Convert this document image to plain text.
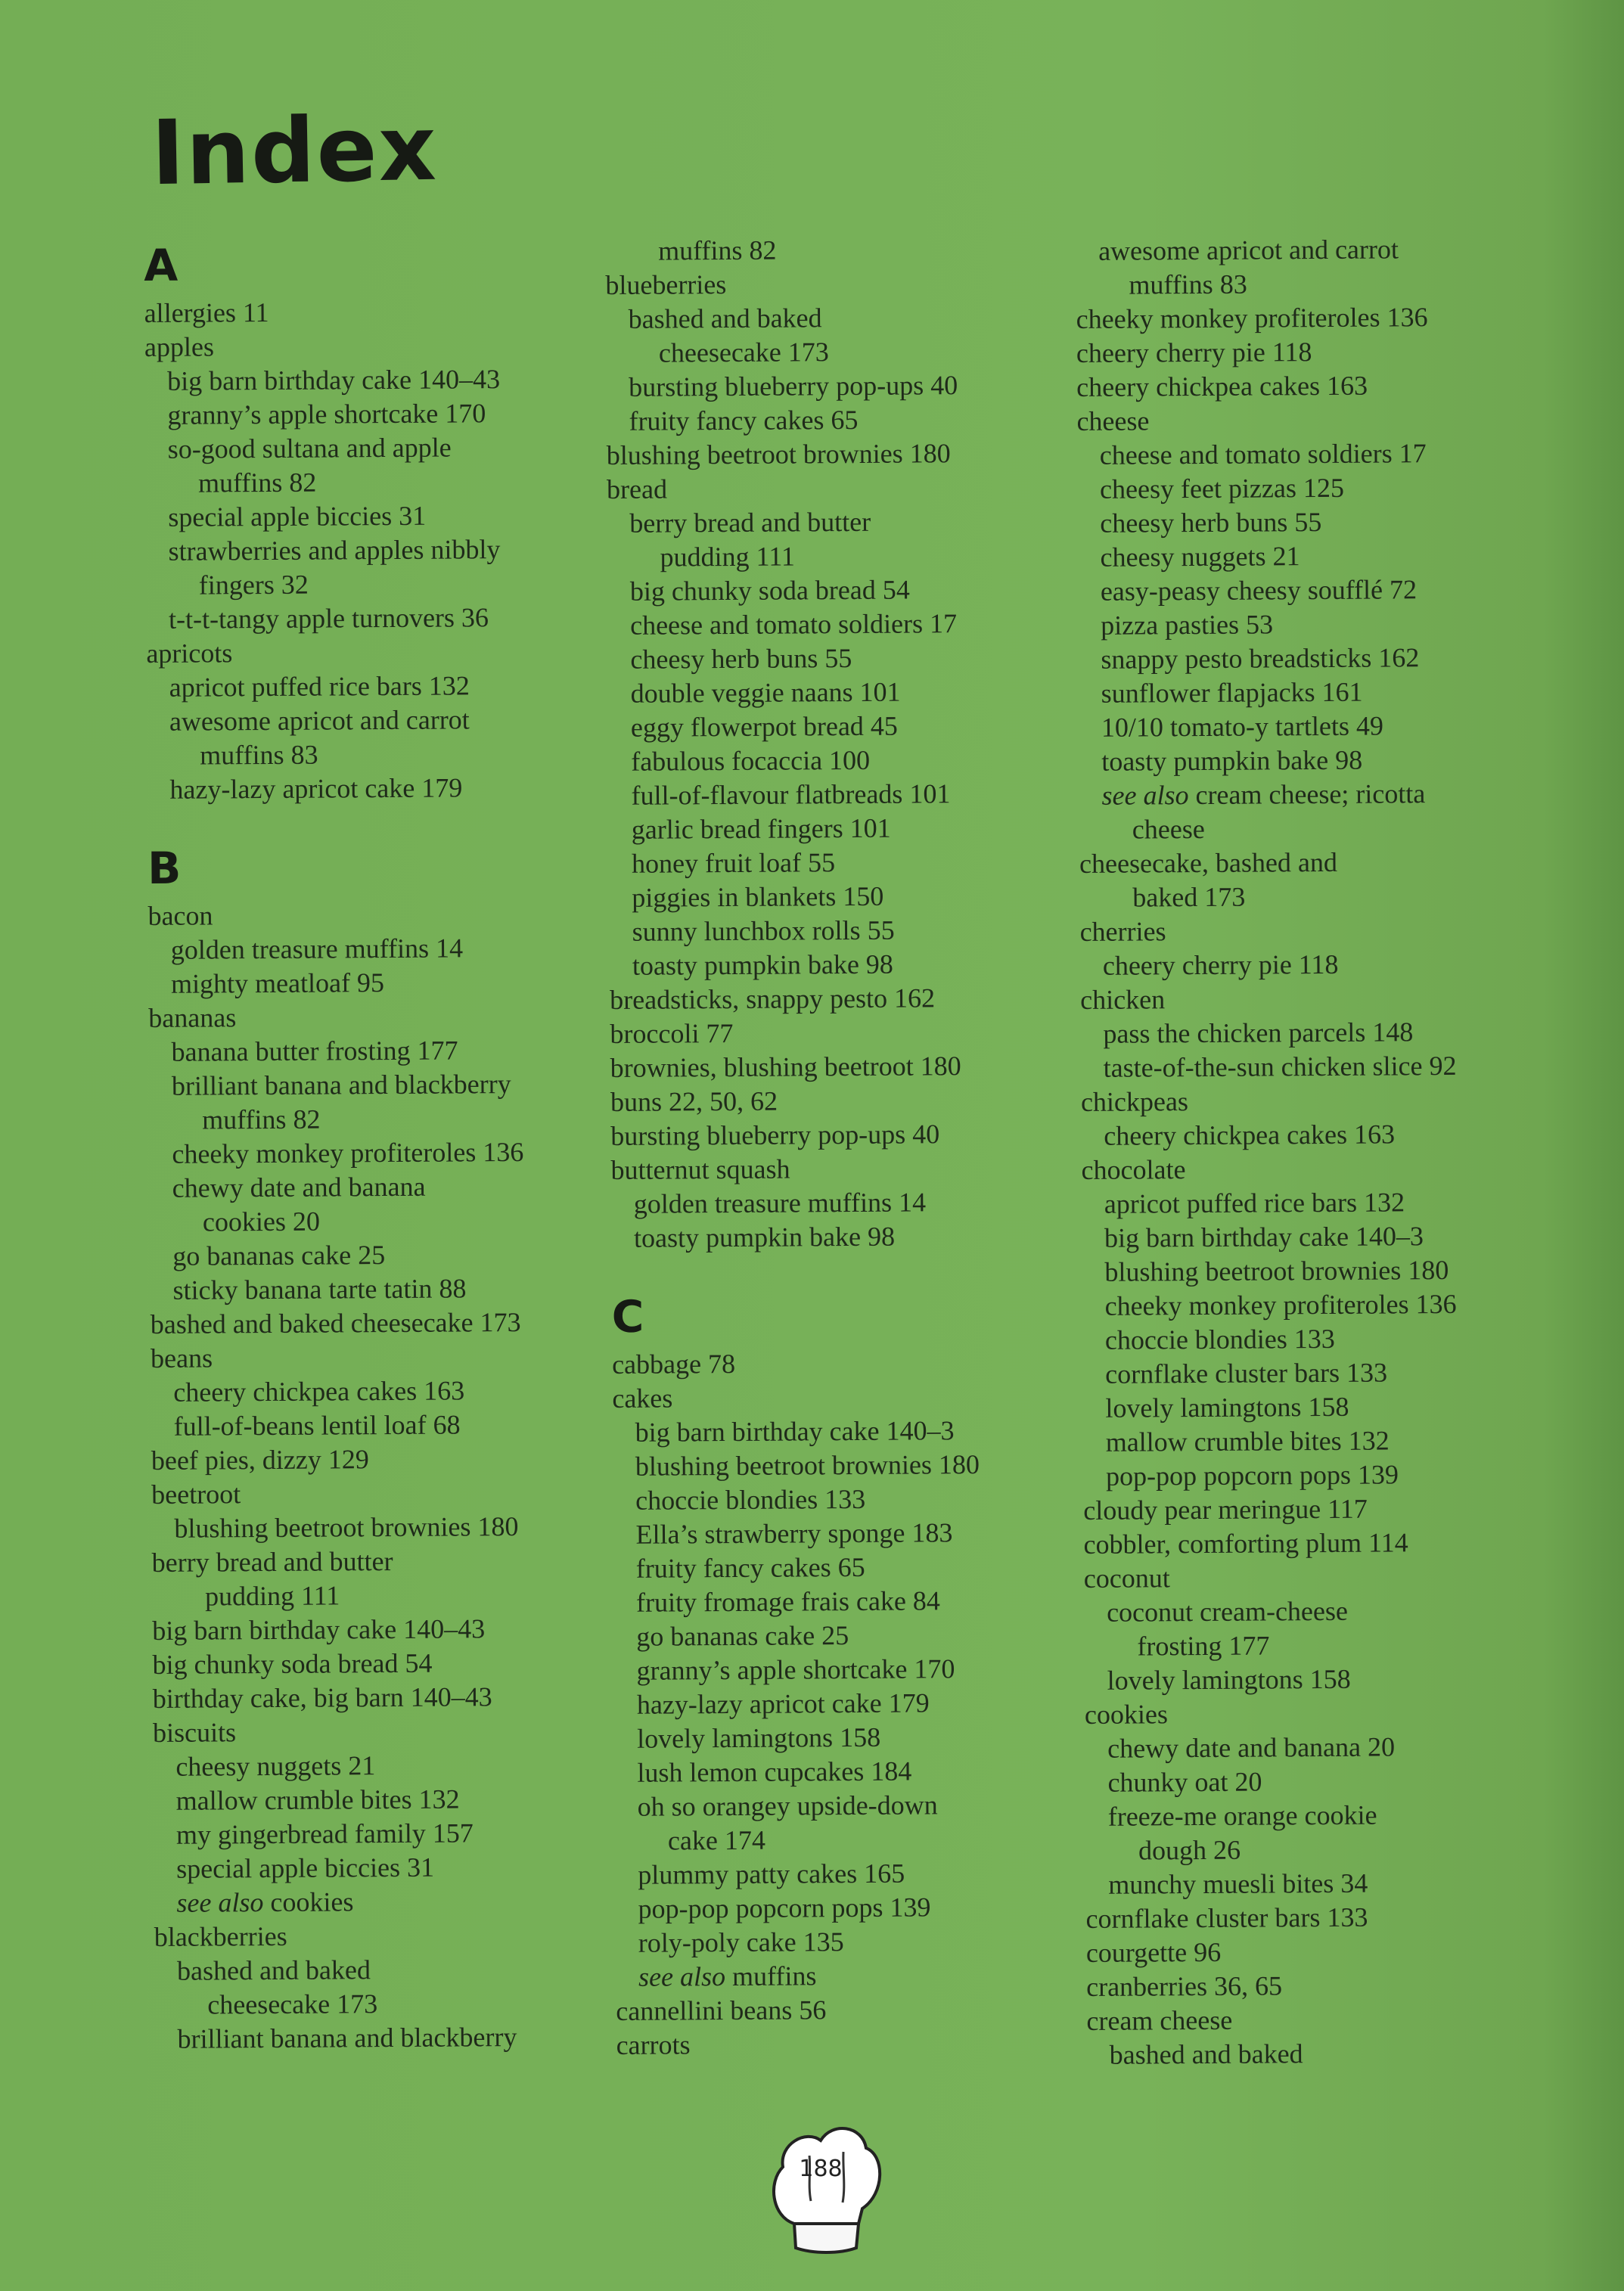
Index
A
allergies 11
apples
big barn birthday cake 140–43
granny’s apple shortcake 170
so-good sultana and apple
muffins 82
special apple biccies 31
strawberries and apples nibbly
fingers 32
t-t-t-tangy apple turnovers 36
apricots
apricot puffed rice bars 132
awesome apricot and carrot
muffins 83
hazy-lazy apricot cake 179
B
bacon
golden treasure muffins 14
mighty meatloaf 95
bananas
banana butter frosting 177
brilliant banana and blackberry
muffins 82
cheeky monkey profiteroles 136
chewy date and banana
cookies 20
go bananas cake 25
sticky banana tarte tatin 88
bashed and baked cheesecake 173
beans
cheery chickpea cakes 163
full-of-beans lentil loaf 68
beef pies, dizzy 129
beetroot
blushing beetroot brownies 180
berry bread and butter
pudding 111
big barn birthday cake 140–43
big chunky soda bread 54
birthday cake, big barn 140–43
biscuits
cheesy nuggets 21
mallow crumble bites 132
my gingerbread family 157
special apple biccies 31
see also cookies
blackberries
bashed and baked
cheesecake 173
brilliant banana and blackberry
muffins 82
blueberries
bashed and baked
cheesecake 173
bursting blueberry pop-ups 40
fruity fancy cakes 65
blushing beetroot brownies 180
bread
berry bread and butter
pudding 111
big chunky soda bread 54
cheese and tomato soldiers 17
cheesy herb buns 55
double veggie naans 101
eggy flowerpot bread 45
fabulous focaccia 100
full-of-flavour flatbreads 101
garlic bread fingers 101
honey fruit loaf 55
piggies in blankets 150
sunny lunchbox rolls 55
toasty pumpkin bake 98
breadsticks, snappy pesto 162
broccoli 77
brownies, blushing beetroot 180
buns 22, 50, 62
bursting blueberry pop-ups 40
butternut squash
golden treasure muffins 14
toasty pumpkin bake 98
C
cabbage 78
cakes
big barn birthday cake 140–3
blushing beetroot brownies 180
choccie blondies 133
Ella’s strawberry sponge 183
fruity fancy cakes 65
fruity fromage frais cake 84
go bananas cake 25
granny’s apple shortcake 170
hazy-lazy apricot cake 179
lovely lamingtons 158
lush lemon cupcakes 184
oh so orangey upside-down
cake 174
plummy patty cakes 165
pop-pop popcorn pops 139
roly-poly cake 135
see also muffins
cannellini beans 56
carrots
awesome apricot and carrot
muffins 83
cheeky monkey profiteroles 136
cheery cherry pie 118
cheery chickpea cakes 163
cheese
cheese and tomato soldiers 17
cheesy feet pizzas 125
cheesy herb buns 55
cheesy nuggets 21
easy-peasy cheesy soufflé 72
pizza pasties 53
snappy pesto breadsticks 162
sunflower flapjacks 161
10/10 tomato-y tartlets 49
toasty pumpkin bake 98
see also cream cheese; ricotta
cheese
cheesecake, bashed and
baked 173
cherries
cheery cherry pie 118
chicken
pass the chicken parcels 148
taste-of-the-sun chicken slice 92
chickpeas
cheery chickpea cakes 163
chocolate
apricot puffed rice bars 132
big barn birthday cake 140–3
blushing beetroot brownies 180
cheeky monkey profiteroles 136
choccie blondies 133
cornflake cluster bars 133
lovely lamingtons 158
mallow crumble bites 132
pop-pop popcorn pops 139
cloudy pear meringue 117
cobbler, comforting plum 114
coconut
coconut cream-cheese
frosting 177
lovely lamingtons 158
cookies
chewy date and banana 20
chunky oat 20
freeze-me orange cookie
dough 26
munchy muesli bites 34
cornflake cluster bars 133
courgette 96
cranberries 36, 65
cream cheese
bashed and baked
188
